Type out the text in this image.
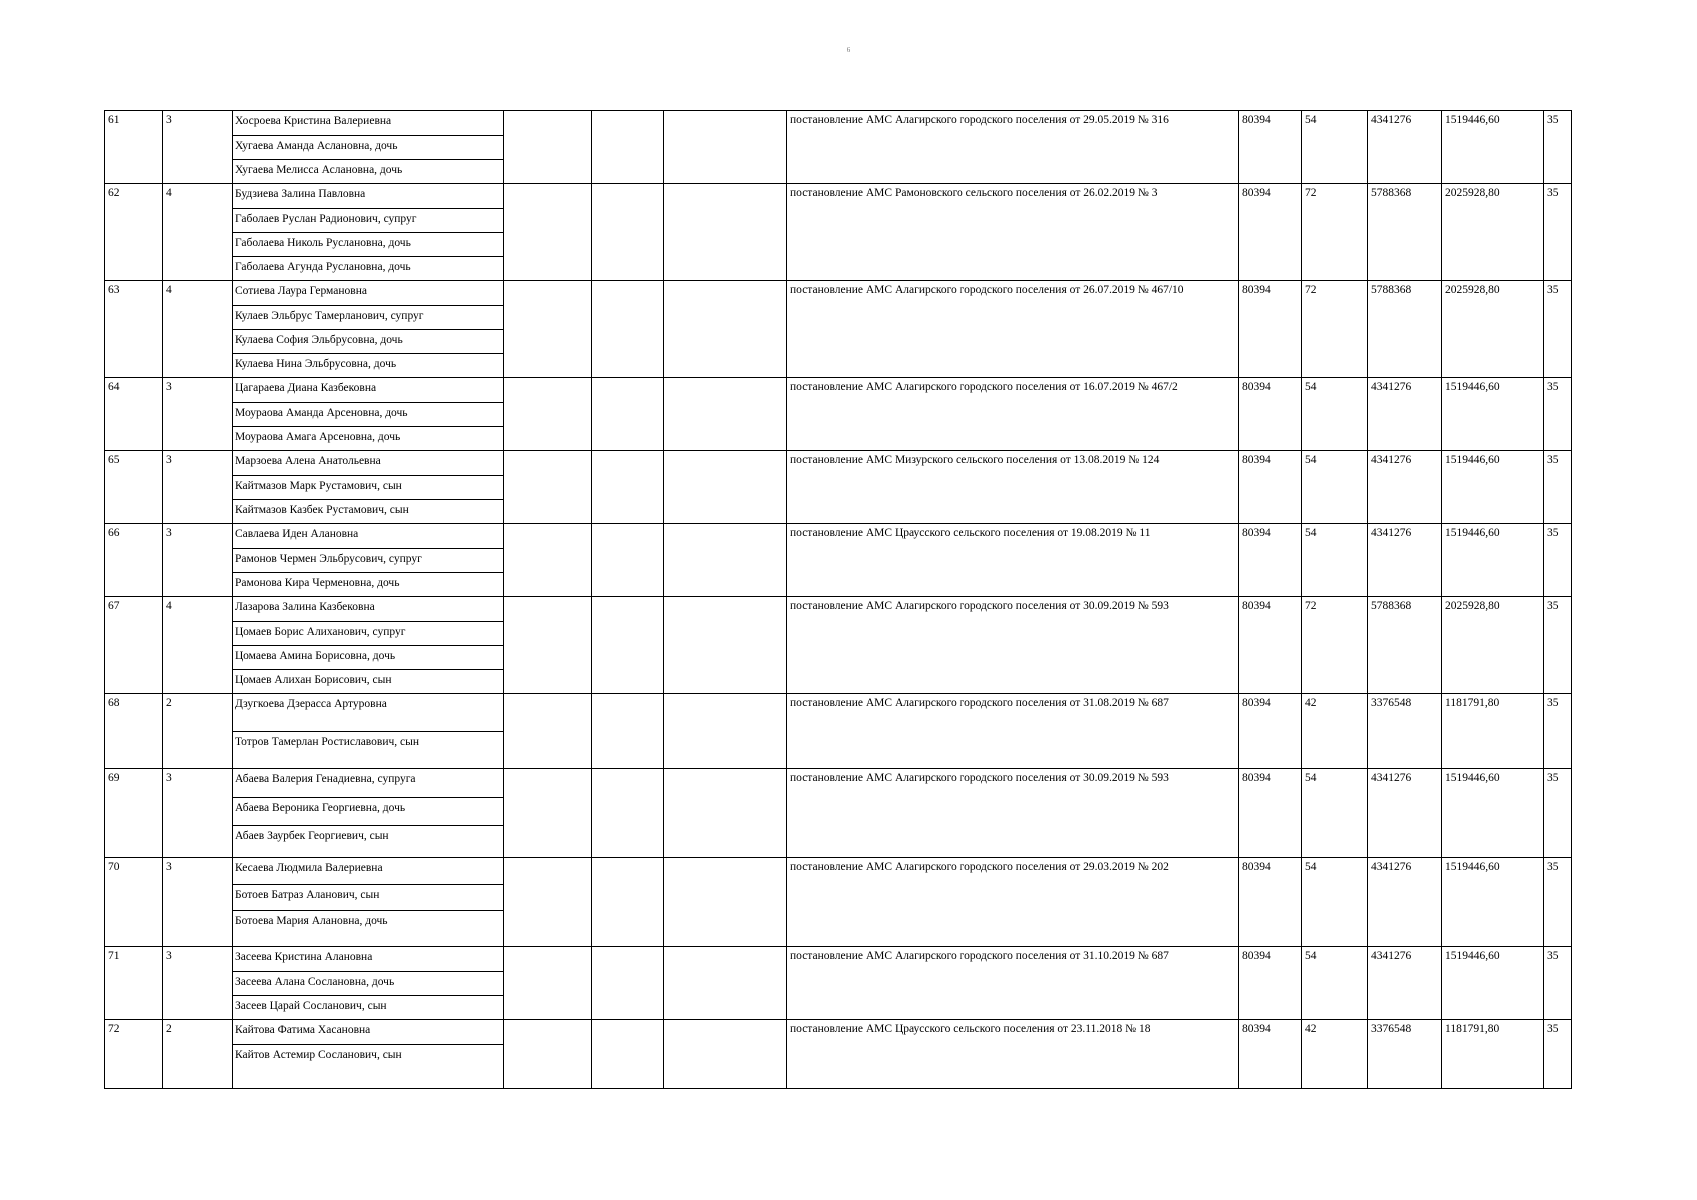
6
61	3	Хосроева Кристина Валериевна
Хугаева Аманда Аслановна, дочь
Хугаева Мелисса Аслановна, дочь				постановление АМС Алагирского городского поселения от 29.05.2019 № 316	80394	54	4341276	1519446,60	35
62	4	Будзиева Залина Павловна
Габолаев Руслан Радионович, супруг
Габолаева Николь Руслановна, дочь
Габолаева Агунда Руслановна, дочь				постановление АМС Рамоновского сельского поселения от 26.02.2019 № 3	80394	72	5788368	2025928,80	35
63	4	Сотиева Лаура Германовна
Кулаев Эльбрус Тамерланович, супруг
Кулаева София Эльбрусовна, дочь
Кулаева Нина Эльбрусовна, дочь				постановление АМС Алагирского городского поселения от 26.07.2019 № 467/10	80394	72	5788368	2025928,80	35
64	3	Цагараева Диана Казбековна
Моураова Аманда Арсеновна, дочь
Моураова Амага Арсеновна, дочь				постановление АМС Алагирского городского поселения от 16.07.2019 № 467/2	80394	54	4341276	1519446,60	35
65	3	Марзоева Алена Анатольевна
Кайтмазов Марк Рустамович, сын
Кайтмазов Казбек Рустамович, сын				постановление АМС Мизурского сельского поселения от 13.08.2019 № 124	80394	54	4341276	1519446,60	35
66	3	Савлаева Иден Алановна
Рамонов Чермен Эльбрусович, супруг
Рамонова Кира Черменовна, дочь				постановление АМС Цраусского сельского поселения от 19.08.2019 № 11	80394	54	4341276	1519446,60	35
67	4	Лазарова Залина Казбековна
Цомаев Борис Алиханович, супруг
Цомаева Амина Борисовна, дочь
Цомаев Алихан Борисович, сын				постановление АМС Алагирского городского поселения от 30.09.2019 № 593	80394	72	5788368	2025928,80	35
68	2	Дзугкоева Дзерасса Артуровна
Тотров Тамерлан Ростиславович, сын				постановление АМС Алагирского городского поселения от 31.08.2019 № 687	80394	42	3376548	1181791,80	35
69	3	Абаева Валерия Генадиевна, супруга
Абаева Вероника Георгиевна, дочь
Абаев Заурбек Георгиевич, сын				постановление АМС Алагирского городского поселения от 30.09.2019 № 593	80394	54	4341276	1519446,60	35
70	3	Кесаева Людмила Валериевна
Ботоев Батраз Аланович, сын
Ботоева Мария Алановна, дочь				постановление АМС Алагирского городского поселения от 29.03.2019 № 202	80394	54	4341276	1519446,60	35
71	3	Засеева Кристина Алановна
Засеева Алана Сослановна, дочь
Засеев Царай Сосланович, сын				постановление АМС Алагирского городского поселения от 31.10.2019 № 687	80394	54	4341276	1519446,60	35
72	2	Кайтова Фатима Хасановна
Кайтов Астемир Сосланович, сын				постановление АМС Цраусского сельского поселения от 23.11.2018 № 18	80394	42	3376548	1181791,80	35
